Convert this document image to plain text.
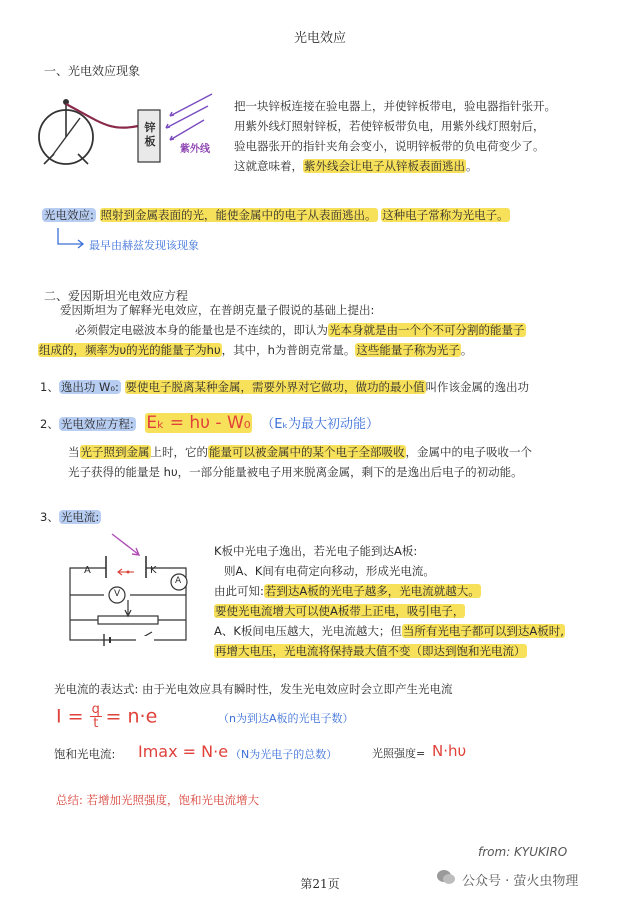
光电效应
一、光电效应现象
锌板
紫外线
把一块锌板连接在验电器上，并使锌板带电，验电器指针张开。
用紫外线灯照射锌板，若使锌板带负电，用紫外线灯照射后，
验电器张开的指针夹角会变小，说明锌板带的负电荷变少了。
这就意味着，紫外线会让电子从锌板表面逃出。
光电效应: 照射到金属表面的光，能使金属中的电子从表面逃出。 这种电子常称为光电子。
最早由赫兹发现该现象
二、爱因斯坦光电效应方程
爱因斯坦为了解释光电效应，在普朗克量子假说的基础上提出:
必须假定电磁波本身的能量也是不连续的，即认为光本身就是由一个个不可分割的能量子
组成的，频率为υ的光的能量子为hυ，其中，h为普朗克常量。这些能量子称为光子。
1、 逸出功 W₀: 要使电子脱离某种金属，需要外界对它做功，做功的最小值叫作该金属的逸出功
2、 光电效应方程: Eₖ = hυ - W₀ （Eₖ为最大初动能）
当光子照到金属上时，它的能量可以被金属中的某个电子全部吸收，金属中的电子吸收一个
光子获得的能量是 hυ，一部分能量被电子用来脱离金属，剩下的是逸出后电子的初动能。
3、 光电流:
A	K
A
V
K板中光电子逸出，若光电子能到达A板:
则A、K间有电荷定向移动，形成光电流。
由此可知:若到达A板的光电子越多，光电流就越大。
要使光电流增大可以使A板带上正电，吸引电子，
A、K板间电压越大，光电流越大；但当所有光电子都可以到达A板时,
再增大电压，光电流将保持最大值不变（即达到饱和光电流）
光电流的表达式: 由于光电效应具有瞬时性，发生光电效应时会立即产生光电流
$I = \frac{q}{t} = n\cdot e$	（n为到达A板的光电子数）
饱和光电流: Imax = N·e （N为光电子的总数）	光照强度= N·hυ
总结: 若增加光照强度，饱和光电流增大
第21页
from: KYUKIRO
公众号 · 萤火虫物理
